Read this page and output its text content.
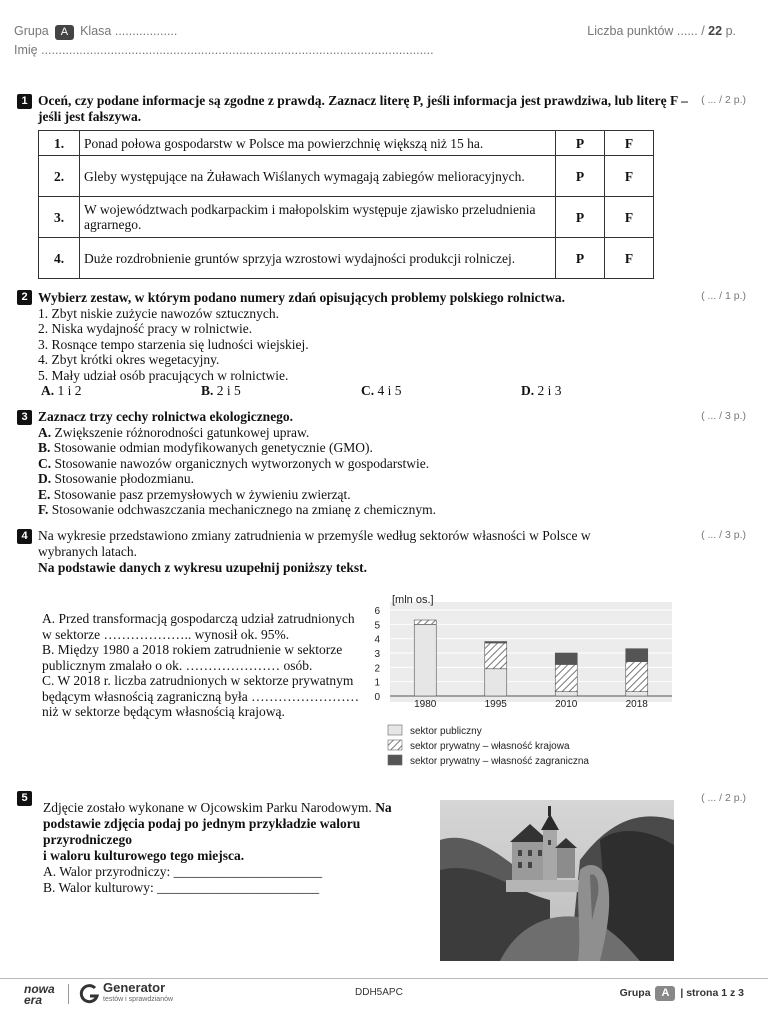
Grupa A Klasa ..................	Liczba punktów ...... / 22 p.
Imię .................................................................................................................
1 Oceń, czy podane informacje są zgodne z prawdą. Zaznacz literę P, jeśli informacja jest prawdziwa, lub literę F – jeśli jest fałszywa.
( ... / 2 p.)
1.	Ponad połowa gospodarstw w Polsce ma powierzchnię większą niż 15 ha.	P	F
2.	Gleby występujące na Żuławach Wiślanych wymagają zabiegów melioracyjnych.	P	F
3.	W województwach podkarpackim i małopolskim występuje zjawisko przeludnienia agrarnego.	P	F
4.	Duże rozdrobnienie gruntów sprzyja wzrostowi wydajności produkcji rolniczej.	P	F
2 Wybierz zestaw, w którym podano numery zdań opisujących problemy polskiego rolnictwa.
1. Zbyt niskie zużycie nawozów sztucznych.
2. Niska wydajność pracy w rolnictwie.
3. Rosnące tempo starzenia się ludności wiejskiej.
4. Zbyt krótki okres wegetacyjny.
5. Mały udział osób pracujących w rolnictwie.
A. 1 i 2	B. 2 i 5	C. 4 i 5	D. 2 i 3
( ... / 1 p.)
3 Zaznacz trzy cechy rolnictwa ekologicznego.
A. Zwiększenie różnorodności gatunkowej upraw.
B. Stosowanie odmian modyfikowanych genetycznie (GMO).
C. Stosowanie nawozów organicznych wytworzonych w gospodarstwie.
D. Stosowanie płodozmianu.
E. Stosowanie pasz przemysłowych w żywieniu zwierząt.
F. Stosowanie odchwaszczania mechanicznego na zmianę z chemicznym.
( ... / 3 p.)
4 Na wykresie przedstawiono zmiany zatrudnienia w przemyśle według sektorów własności w Polsce w wybranych latach.
Na podstawie danych z wykresu uzupełnij poniższy tekst.
( ... / 3 p.)
A. Przed transformacją gospodarczą udział zatrudnionych w sektorze ……………….. wynosił ok. 95%.
B. Między 1980 a 2018 rokiem zatrudnienie w sektorze publicznym zmalało o ok. ………………… osób.
C. W 2018 r. liczba zatrudnionych w sektorze prywatnym będącym własnością zagraniczną była …………………… niż w sektorze będącym własnością krajową.
0
1
2
3
4
5
6
1980	1995	2010	2018
[mln os.]
sektor publiczny
sektor prywatny – własność krajowa
sektor prywatny – własność zagraniczna
5
Zdjęcie zostało wykonane w Ojcowskim Parku Narodowym. Na podstawie zdjęcia podaj po jednym przykładzie waloru przyrodniczego
i waloru kulturowego tego miejsca.
A. Walor przyrodniczy: ______________________
B. Walor kulturowy: ________________________
( ... / 2 p.)
nowa era
Generator
testów i sprawdzianów
DDH5APC	Grupa A | strona 1 z 3
